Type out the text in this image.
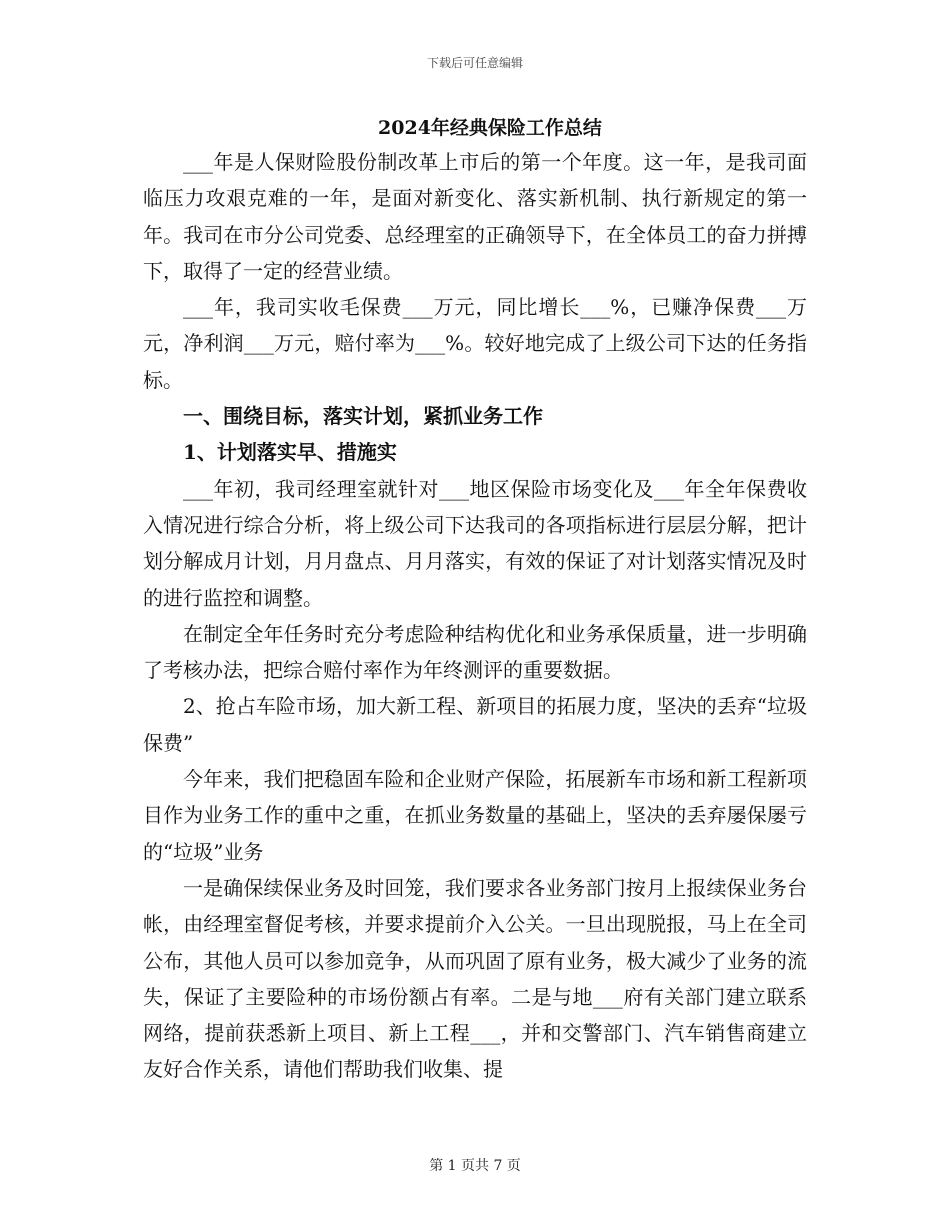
下载后可任意编辑
2024年经典保险工作总结

___年是人保财险股份制改革上市后的第一个年度。这一年，是我司面临压力攻艰克难的一年，是面对新变化、落实新机制、执行新规定的第一年。我司在市分公司党委、总经理室的正确领导下，在全体员工的奋力拼搏下，取得了一定的经营业绩。

___年，我司实收毛保费___万元，同比增长___%，已赚净保费___万元，净利润___万元，赔付率为___%。较好地完成了上级公司下达的任务指标。

一、围绕目标，落实计划，紧抓业务工作

1、计划落实早、措施实

___年初，我司经理室就针对___地区保险市场变化及___年全年保费收入情况进行综合分析，将上级公司下达我司的各项指标进行层层分解，把计划分解成月计划，月月盘点、月月落实，有效的保证了对计划落实情况及时的进行监控和调整。

在制定全年任务时充分考虑险种结构优化和业务承保质量，进一步明确了考核办法，把综合赔付率作为年终测评的重要数据。

2、抢占车险市场，加大新工程、新项目的拓展力度，坚决的丢弃“垃圾保费”

今年来，我们把稳固车险和企业财产保险，拓展新车市场和新工程新项目作为业务工作的重中之重，在抓业务数量的基础上，坚决的丢弃屡保屡亏的“垃圾”业务

一是确保续保业务及时回笼，我们要求各业务部门按月上报续保业务台帐，由经理室督促考核，并要求提前介入公关。一旦出现脱报，马上在全司公布，其他人员可以参加竞争，从而巩固了原有业务，极大减少了业务的流失，保证了主要险种的市场份额占有率。二是与地___府有关部门建立联系网络，提前获悉新上项目、新上工程___，并和交警部门、汽车销售商建立友好合作关系，请他们帮助我们收集、提

第 1 页共 7 页
